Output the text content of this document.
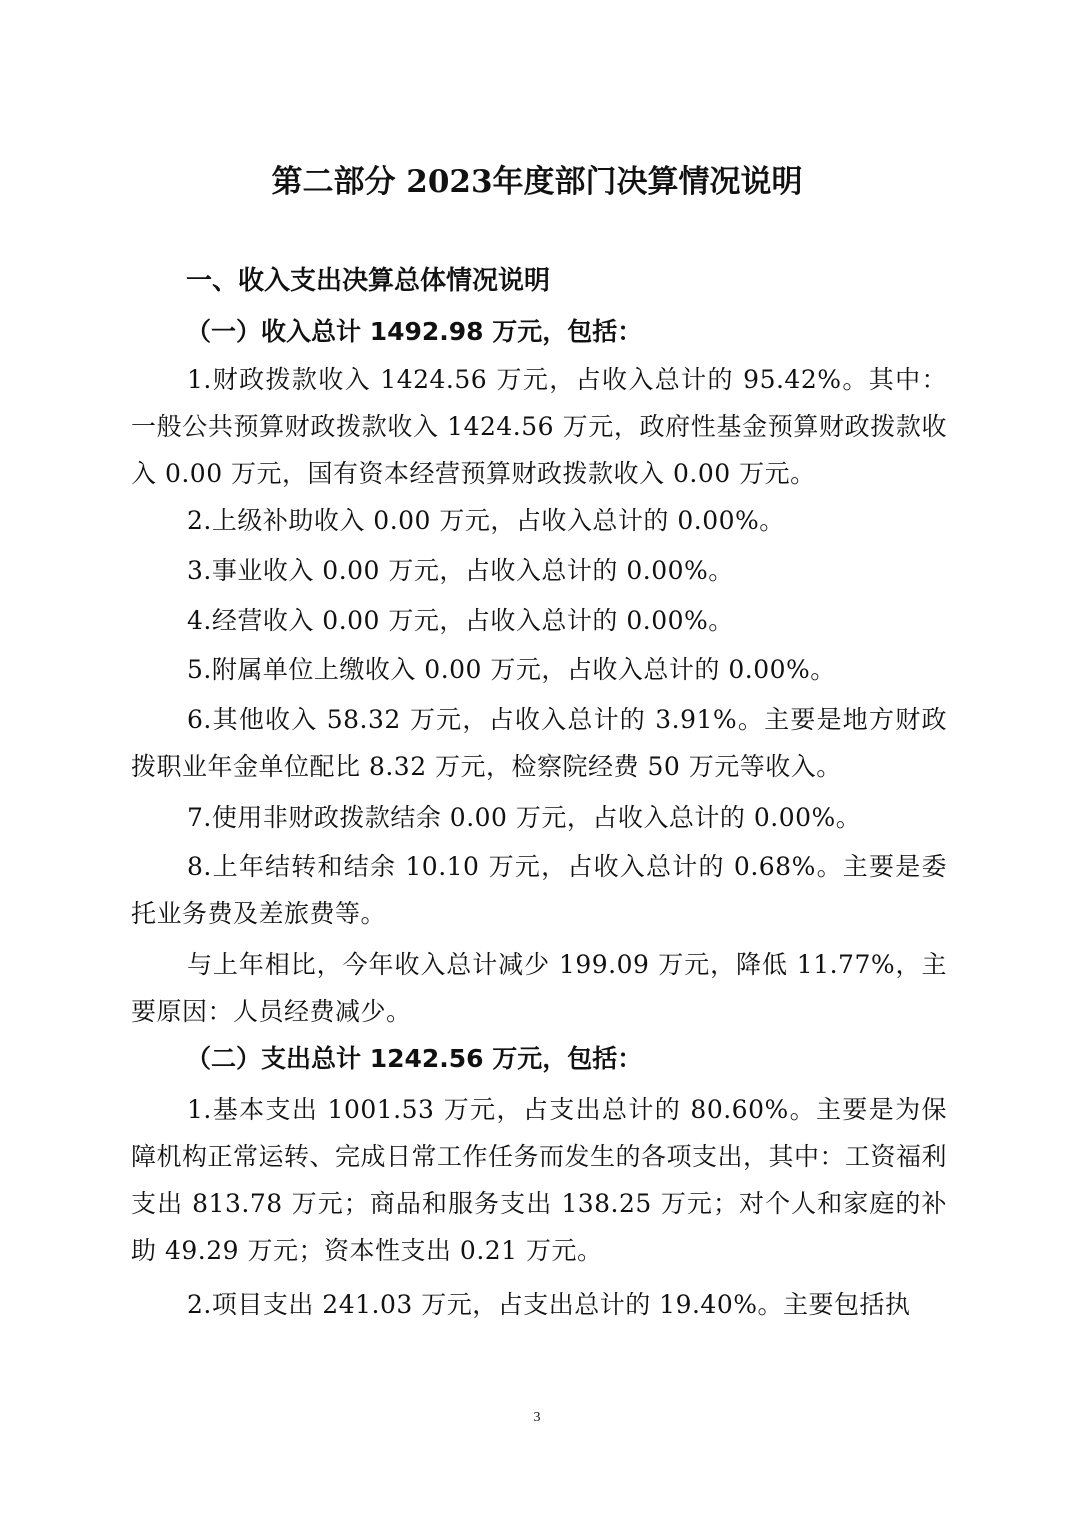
第二部分 2023年度部门决算情况说明
一、收入支出决算总体情况说明
（一）收入总计 1492.98 万元，包括：

1.财政拨款收入 1424.56 万元，占收入总计的 95.42%。其中：一般公共预算财政拨款收入 1424.56 万元，政府性基金预算财政拨款收入 0.00 万元，国有资本经营预算财政拨款收入 0.00 万元。

2.上级补助收入 0.00 万元，占收入总计的 0.00%。

3.事业收入 0.00 万元，占收入总计的 0.00%。

4.经营收入 0.00 万元，占收入总计的 0.00%。

5.附属单位上缴收入 0.00 万元，占收入总计的 0.00%。

6.其他收入 58.32 万元，占收入总计的 3.91%。主要是地方财政拨职业年金单位配比 8.32 万元，检察院经费 50 万元等收入。

7.使用非财政拨款结余 0.00 万元，占收入总计的 0.00%。

8.上年结转和结余 10.10 万元，占收入总计的 0.68%。主要是委托业务费及差旅费等。

与上年相比，今年收入总计减少 199.09 万元，降低 11.77%，主要原因：人员经费减少。

（二）支出总计 1242.56 万元，包括：

1.基本支出 1001.53 万元，占支出总计的 80.60%。主要是为保障机构正常运转、完成日常工作任务而发生的各项支出，其中：工资福利支出 813.78 万元；商品和服务支出 138.25 万元；对个人和家庭的补助 49.29 万元；资本性支出 0.21 万元。

2.项目支出 241.03 万元，占支出总计的 19.40%。主要包括执

3
